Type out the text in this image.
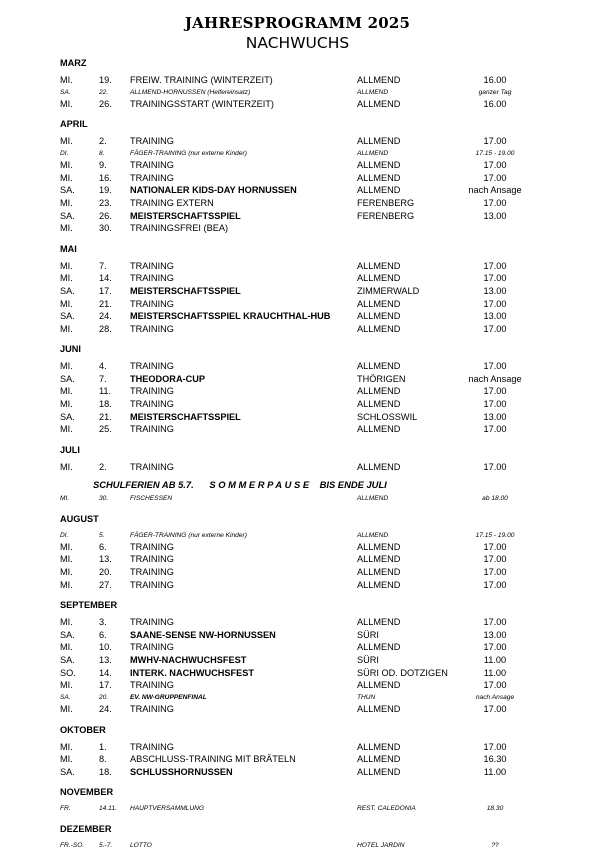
JAHRESPROGRAMM 2025
NACHWUCHS
MARZ
MI.	19. FREIW. TRAINING (WINTERZEIT)	ALLMEND	16.00
SA.	22.	ALLMEND-HORNUSSEN (Helfereinsatz)	ALLMEND	ganzer Tag
MI.	26. TRAININGSSTART (WINTERZEIT)	ALLMEND	16.00
APRIL
MI.	2.	TRAINING	ALLMEND	17.00
DI.	8.	FÄGER-TRAINING (nur externe Kinder)	ALLMEND	17.15 - 19.00
MI.	9.	TRAINING	ALLMEND	17.00
MI.	16. TRAINING	ALLMEND	17.00
SA.	19. NATIONALER KIDS-DAY HORNUSSEN	ALLMEND	nach Ansage
MI.	23. TRAINING EXTERN	FERENBERG	17.00
SA.	26. MEISTERSCHAFTSSPIEL	FERENBERG	13.00
MI.	30. TRAININGSFREI (BEA)
MAI
MI.	7.	TRAINING	ALLMEND	17.00
MI.	14. TRAINING	ALLMEND	17.00
SA.	17. MEISTERSCHAFTSSPIEL	ZIMMERWALD	13.00
MI.	21. TRAINING	ALLMEND	17.00
SA.	24. MEISTERSCHAFTSSPIEL KRAUCHTHAL-HUB	ALLMEND	13.00
MI.	28. TRAINING	ALLMEND	17.00
JUNI
MI.	4.	TRAINING	ALLMEND	17.00
SA.	7.	THEODORA-CUP	THÖRIGEN	nach Ansage
MI.	11. TRAINING	ALLMEND	17.00
MI.	18. TRAINING	ALLMEND	17.00
SA.	21. MEISTERSCHAFTSSPIEL	SCHLOSSWIL	13.00
MI.	25. TRAINING	ALLMEND	17.00
JULI
MI.	2.	TRAINING	ALLMEND	17.00
SCHULFERIEN AB 5.7. SOMMERPAUSE BIS ENDE JULI
MI.	30.	FISCHESSEN	ALLMEND	ab 18.00
AUGUST
DI.	5.	FÄGER-TRAINING (nur externe Kinder)	ALLMEND	17.15 - 19.00
MI.	6.	TRAINING	ALLMEND	17.00
MI.	13. TRAINING	ALLMEND	17.00
MI.	20. TRAINING	ALLMEND	17.00
MI.	27. TRAINING	ALLMEND	17.00
SEPTEMBER
MI.	3.	TRAINING	ALLMEND	17.00
SA.	6.	SAANE-SENSE NW-HORNUSSEN	SÜRI	13.00
MI.	10. TRAINING	ALLMEND	17.00
SA.	13. MWHV-NACHWUCHSFEST	SÜRI	11.00
SO.	14. INTERK. NACHWUCHSFEST	SÜRI OD. DOTZIGEN	11.00
MI.	17. TRAINING	ALLMEND	17.00
SA.	20.	EV. NW-GRUPPENFINAL	THUN	nach Ansage
MI.	24. TRAINING	ALLMEND	17.00
OKTOBER
MI.	1.	TRAINING	ALLMEND	17.00
MI.	8.	ABSCHLUSS-TRAINING MIT BRÄTELN	ALLMEND	16.30
SA.	18. SCHLUSSHORNUSSEN	ALLMEND	11.00
NOVEMBER
FR.	14.11. HAUPTVERSAMMLUNG	REST. CALEDONIA	18.30
DEZEMBER
FR.-SO. 5.-7.	LOTTO	HOTEL JARDIN	??
